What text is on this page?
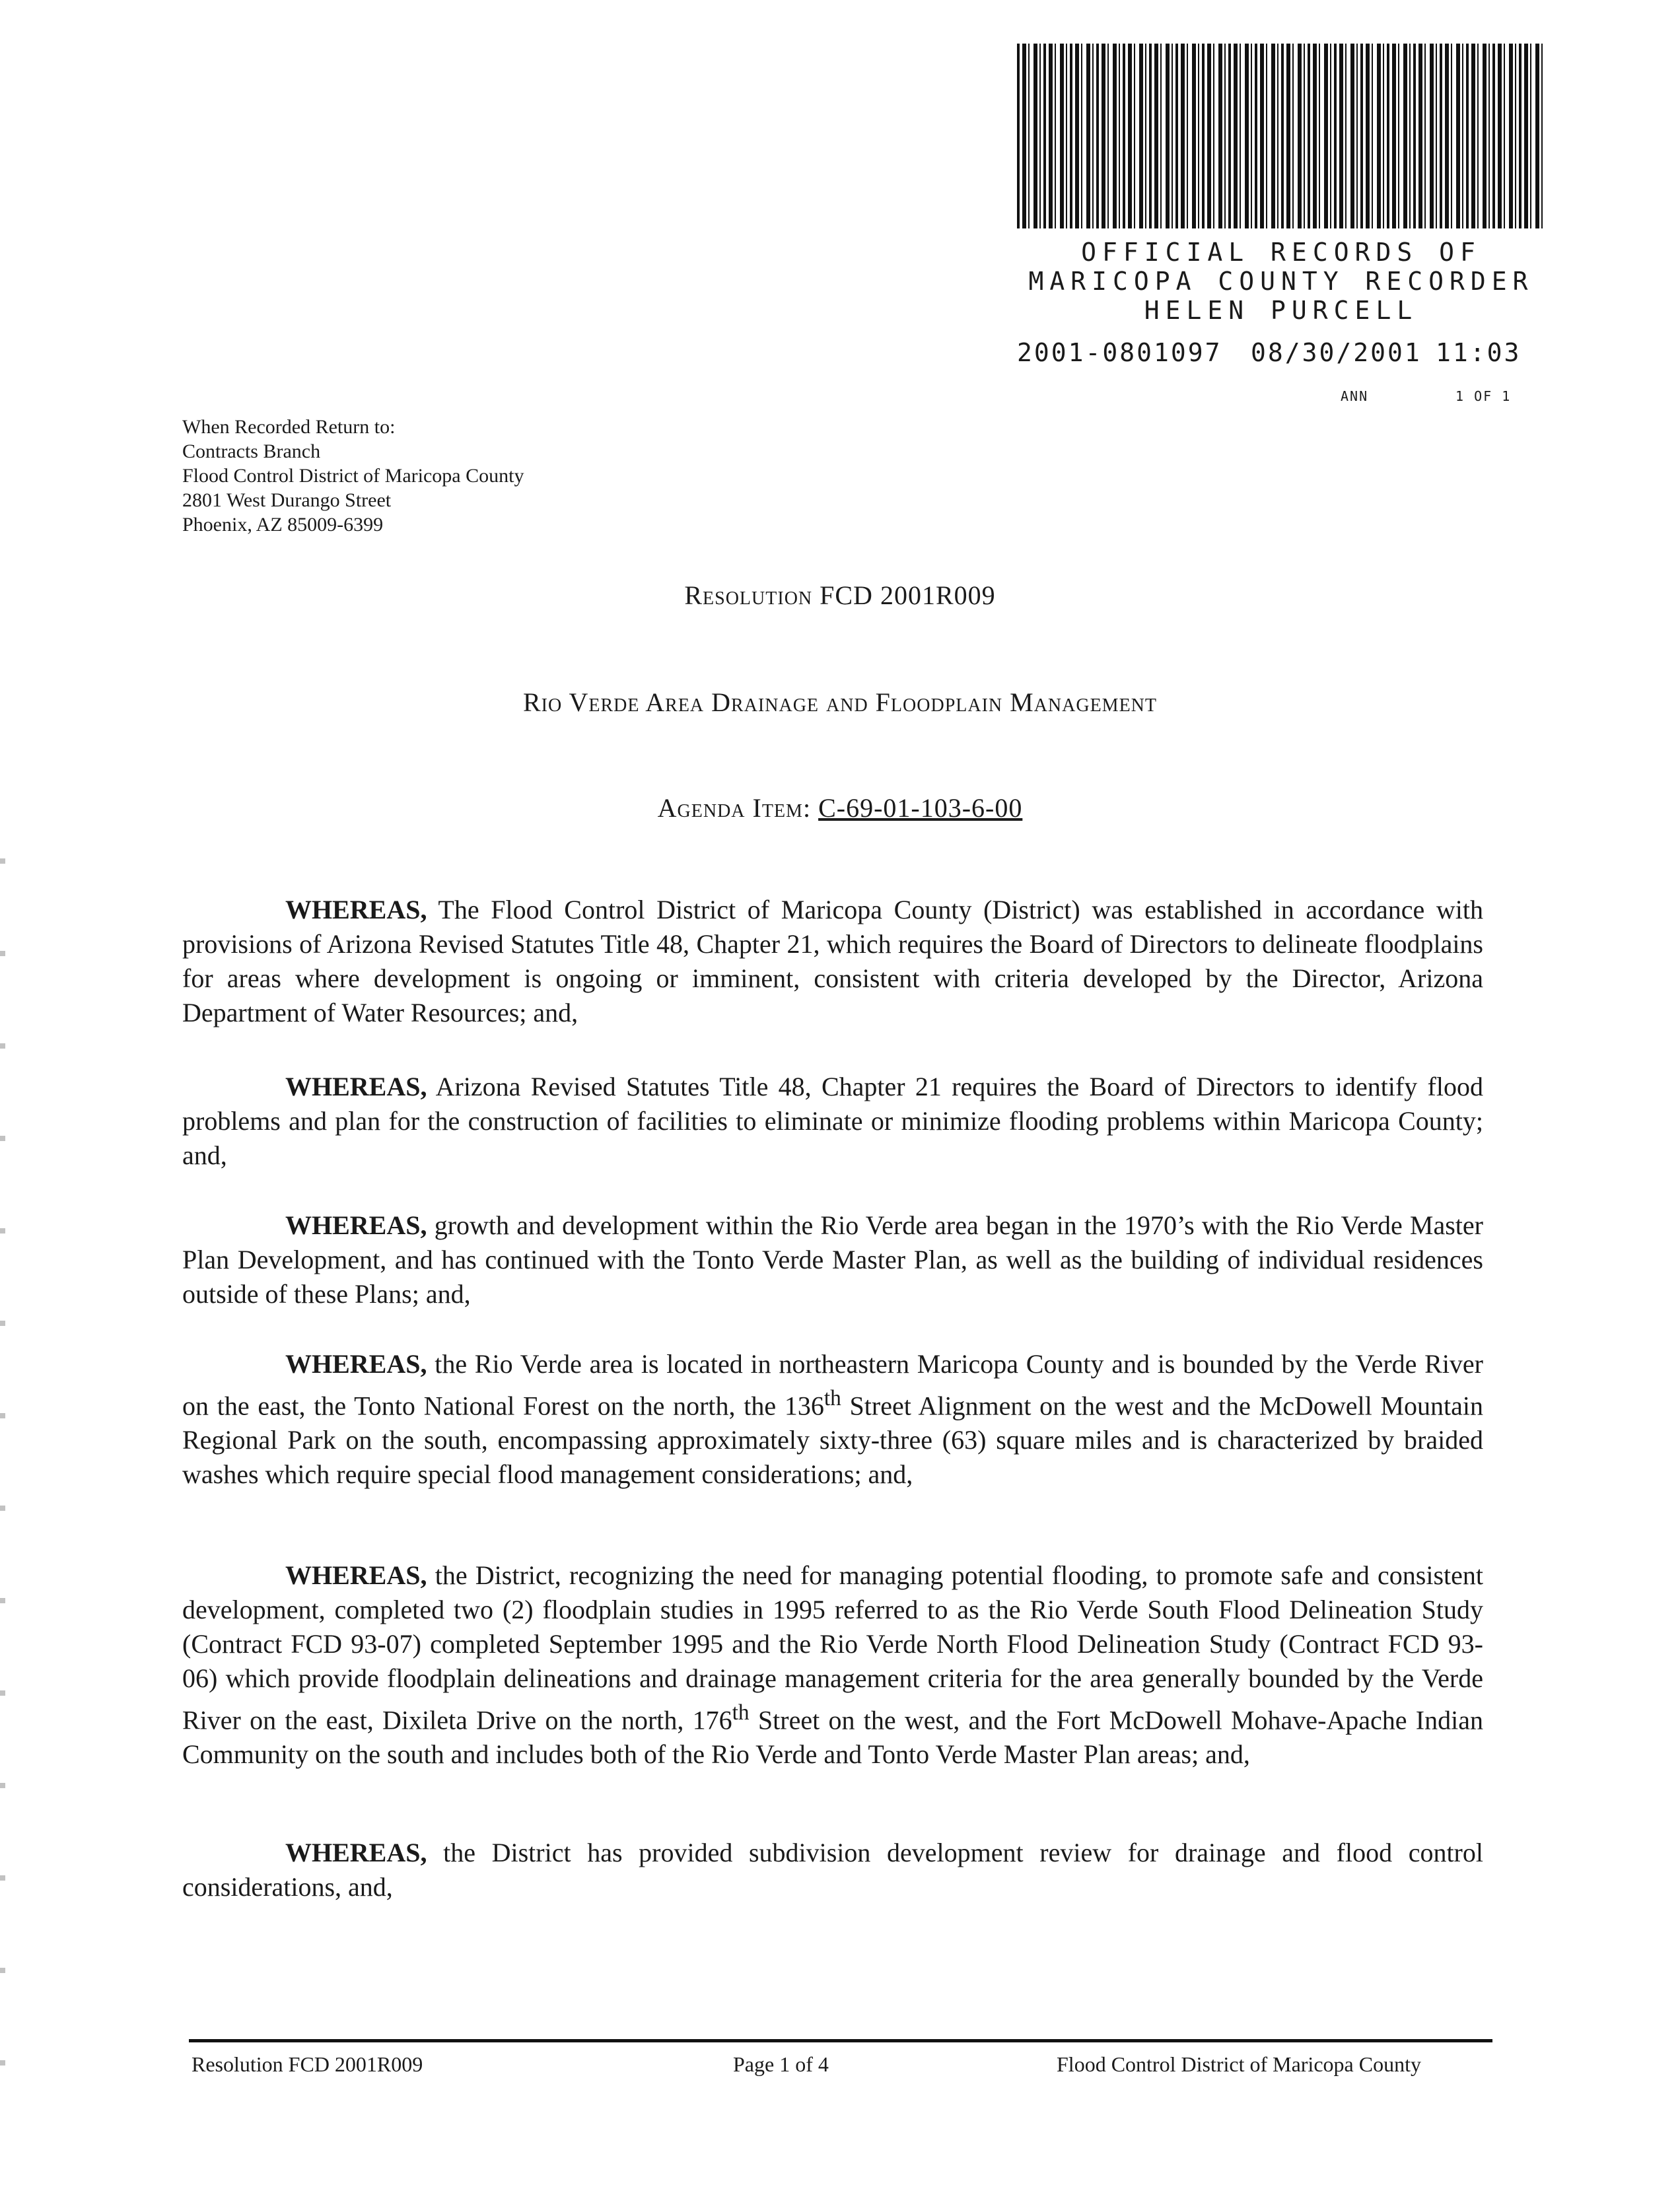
OFFICIAL RECORDS OF
MARICOPA COUNTY RECORDER
HELEN PURCELL
2001-0801097 08/30/2001 11:03
ANN	1 OF 1
When Recorded Return to:
Contracts Branch
Flood Control District of Maricopa County
2801 West Durango Street
Phoenix, AZ 85009-6399
Resolution FCD 2001R009
Rio Verde Area Drainage and Floodplain Management
Agenda Item: C-69-01-103-6-00

WHEREAS, The Flood Control District of Maricopa County (District) was established in accordance with provisions of Arizona Revised Statutes Title 48, Chapter 21, which requires the Board of Directors to delineate floodplains for areas where development is ongoing or imminent, consistent with criteria developed by the Director, Arizona Department of Water Resources; and,

WHEREAS, Arizona Revised Statutes Title 48, Chapter 21 requires the Board of Directors to identify flood problems and plan for the construction of facilities to eliminate or minimize flooding problems within Maricopa County; and,

WHEREAS, growth and development within the Rio Verde area began in the 1970’s with the Rio Verde Master Plan Development, and has continued with the Tonto Verde Master Plan, as well as the building of individual residences outside of these Plans; and,

WHEREAS, the Rio Verde area is located in northeastern Maricopa County and is bounded by the Verde River on the east, the Tonto National Forest on the north, the 136th Street Alignment on the west and the McDowell Mountain Regional Park on the south, encompassing approximately sixty-three (63) square miles and is characterized by braided washes which require special flood management considerations; and,

WHEREAS, the District, recognizing the need for managing potential flooding, to promote safe and consistent development, completed two (2) floodplain studies in 1995 referred to as the Rio Verde South Flood Delineation Study (Contract FCD 93-07) completed September 1995 and the Rio Verde North Flood Delineation Study (Contract FCD 93-06) which provide floodplain delineations and drainage management criteria for the area generally bounded by the Verde River on the east, Dixileta Drive on the north, 176th Street on the west, and the Fort McDowell Mohave-Apache Indian Community on the south and includes both of the Rio Verde and Tonto Verde Master Plan areas; and,

WHEREAS, the District has provided subdivision development review for drainage and flood control considerations, and,

Resolution FCD 2001R009	Page 1 of 4	Flood Control District of Maricopa County
